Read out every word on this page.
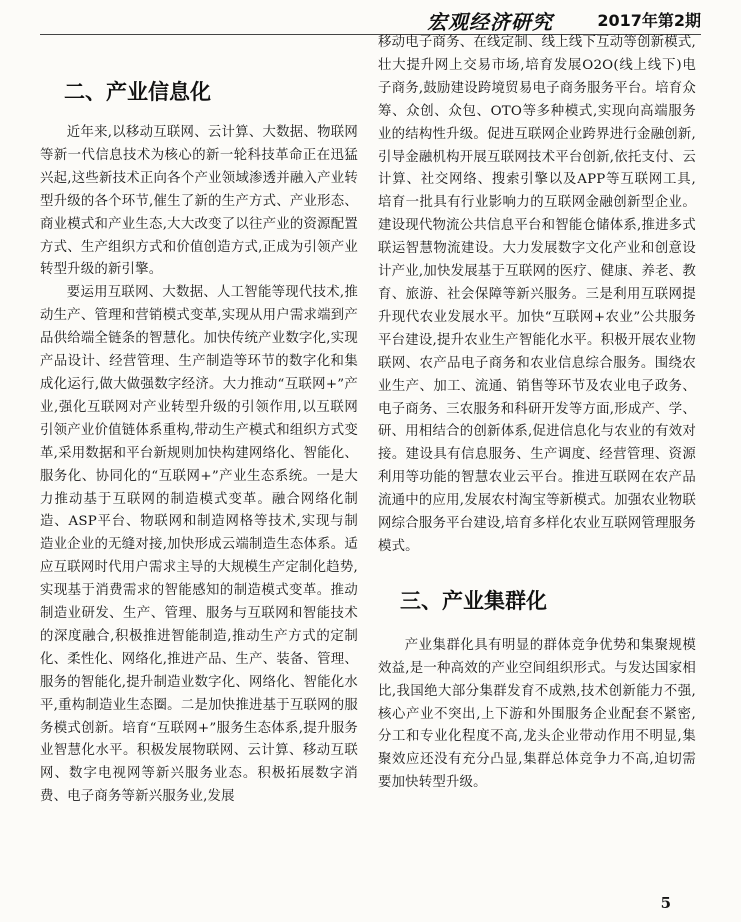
宏观经济研究	2017年第2期
二、产业信息化

近年来,以移动互联网、云计算、大数据、物联网等新一代信息技术为核心的新一轮科技革命正在迅猛兴起,这些新技术正向各个产业领域渗透并融入产业转型升级的各个环节,催生了新的生产方式、产业形态、商业模式和产业生态,大大改变了以往产业的资源配置方式、生产组织方式和价值创造方式,正成为引领产业转型升级的新引擎。

要运用互联网、大数据、人工智能等现代技术,推动生产、管理和营销模式变革,实现从用户需求端到产品供给端全链条的智慧化。加快传统产业数字化,实现产品设计、经营管理、生产制造等环节的数字化和集成化运行,做大做强数字经济。大力推动“互联网+”产业,强化互联网对产业转型升级的引领作用,以互联网引领产业价值链体系重构,带动生产模式和组织方式变革,采用数据和平台新规则加快构建网络化、智能化、服务化、协同化的“互联网+”产业生态系统。一是大力推动基于互联网的制造模式变革。融合网络化制造、ASP平台、物联网和制造网格等技术,实现与制造业企业的无缝对接,加快形成云端制造生态体系。适应互联网时代用户需求主导的大规模生产定制化趋势,实现基于消费需求的智能感知的制造模式变革。推动制造业研发、生产、管理、服务与互联网和智能技术的深度融合,积极推进智能制造,推动生产方式的定制化、柔性化、网络化,推进产品、生产、装备、管理、服务的智能化,提升制造业数字化、网络化、智能化水平,重构制造业生态圈。二是加快推进基于互联网的服务模式创新。培育“互联网+”服务生态体系,提升服务业智慧化水平。积极发展物联网、云计算、移动互联网、数字电视网等新兴服务业态。积极拓展数字消费、电子商务等新兴服务业,发展

移动电子商务、在线定制、线上线下互动等创新模式,壮大提升网上交易市场,培育发展O2O(线上线下)电子商务,鼓励建设跨境贸易电子商务服务平台。培育众筹、众创、众包、OTO等多种模式,实现向高端服务业的结构性升级。促进互联网企业跨界进行金融创新,引导金融机构开展互联网技术平台创新,依托支付、云计算、社交网络、搜索引擎以及APP等互联网工具,培育一批具有行业影响力的互联网金融创新型企业。建设现代物流公共信息平台和智能仓储体系,推进多式联运智慧物流建设。大力发展数字文化产业和创意设计产业,加快发展基于互联网的医疗、健康、养老、教育、旅游、社会保障等新兴服务。三是利用互联网提升现代农业发展水平。加快“互联网+农业”公共服务平台建设,提升农业生产智能化水平。积极开展农业物联网、农产品电子商务和农业信息综合服务。围绕农业生产、加工、流通、销售等环节及农业电子政务、电子商务、三农服务和科研开发等方面,形成产、学、研、用相结合的创新体系,促进信息化与农业的有效对接。建设具有信息服务、生产调度、经营管理、资源利用等功能的智慧农业云平台。推进互联网在农产品流通中的应用,发展农村淘宝等新模式。加强农业物联网综合服务平台建设,培育多样化农业互联网管理服务模式。

三、产业集群化

产业集群化具有明显的群体竞争优势和集聚规模效益,是一种高效的产业空间组织形式。与发达国家相比,我国绝大部分集群发育不成熟,技术创新能力不强,核心产业不突出,上下游和外围服务企业配套不紧密,分工和专业化程度不高,龙头企业带动作用不明显,集聚效应还没有充分凸显,集群总体竞争力不高,迫切需要加快转型升级。

5
